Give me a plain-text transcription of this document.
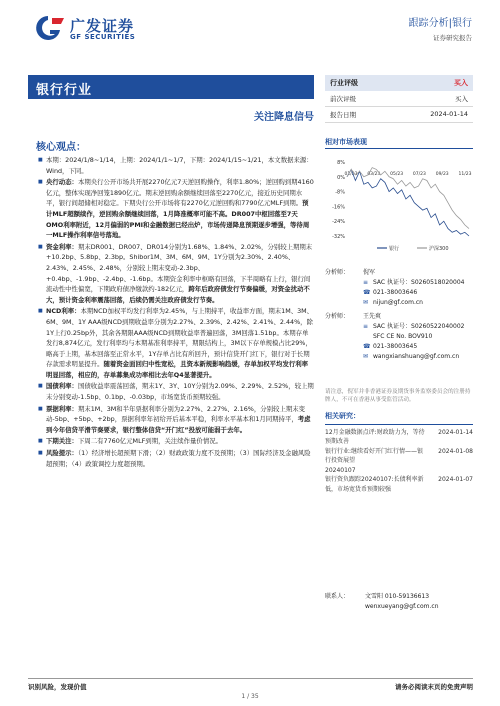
广发证券
GF SECURITIES
跟踪分析|银行
证券研究报告
银行行业
关注降息信号
核心观点：
■ 本期：2024/1/8~1/14，上期：2024/1/1~1/7，下期：2024/1/15~1/21，本文数据来源：Wind，下同。
■ 央行动态：本期央行公开市场共开展2270亿元7天逆回购操作，利率1.80%；逆回购到期4160亿元，整体实现净回笼1890亿元。期末逆回购余额继续回落至2270亿元，接近历史同期水平，银行间超储相对稳定。下期央行公开市场将有2270亿元逆回购和7790亿元MLF到期。预计MLF超额续作，逆回购余额继续回落，1月降准概率可能不高。DR007中枢回落至7天OMO利率附近，12月偏弱的PMI和金融数据已经出炉，市场传递降息预期逐步增强，等待周一MLF操作利率信号落地。
■ 资金利率：期末DR001、DR007、DR014分别为1.68%、1.84%、2.02%，分别较上期期末+10.2bp、5.8bp、2.3bp。Shibor1M、3M、6M、9M、1Y分别为2.30%、2.40%、2.43%、2.45%、2.48%，分别较上期末变动-2.3bp、+0.4bp、-1.9bp、-2.4bp、-1.6bp。本期资金利率中枢略有回落，下半周略有上行，银行间流动性中性偏宽，下期政府债净缴款约-182亿元，跨年后政府债发行节奏偏缓，对资金扰动不大，预计资金利率震荡回落，后续仍需关注政府债发行节奏。
■ NCD利率：本期NCD加权平均发行利率为2.45%，与上期持平，收益率方面，期末1M、3M、6M、9M、1Y AAA级NCD到期收益率分别为2.27%、2.39%、2.42%、2.41%、2.44%，除1Y上行0.25bp外，其余各期限AAA级NCD到期收益率普遍回落，3M回落1.51bp。本期存单发行8,874亿元，发行利率均与本期基准利率持平，期限结构上，3M以下存单规模占比29%，略高于上期，基本回落至正常水平，1Y存单占比有所回升，预计信贷开门红下，银行对于长期存款需求明显提升。随着资金面回归中性宽松，且资本新规影响趋缓，存单加权平均发行利率明显回落，相应的，存单募集成功率相比去年Q4显著提升。
■ 国债利率：国债收益率震荡回落，期末1Y、3Y、10Y分别为2.09%、2.29%、2.52%，较上期末分别变动-1.5bp、0.1bp、-0.03bp，市场宽货币预期较强。
■ 票据利率：期末1M、3M和半年票据利率分别为2.27%、2.27%、2.16%，分别较上期末变动-5bp、+5bp、+2bp，票据利率年初给开后基本平稳，利率水平基本和1月同期持平，考虑到今年信贷平滑节奏要求，银行整体信贷“开门红”投放可能弱于去年。
■ 下期关注：下周二有7760亿元MLF到期，关注续作量价情况。
■ 风险提示：（1）经济增长超预期下滑；（2）财政政策力度不及预期；（3）国际经济及金融风险超预期；（4）政策调控力度超预期。
行业评级	买入
前次评级	买入
报告日期	2024-01-14
相对市场表现
8%
0%
-8%
-16%
-24%
-32%
01/23 03/23 05/23 07/23 09/23 11/23
银行	沪深300
分析师：	倪军
≡ SAC 执证号：S0260518020004
☎ 021-38003646
✉ nijun@gf.com.cn
分析师：	王先爽
≡ SAC 执证号：S0260522040002
SFC CE No. BOV910
☎ 021-38003645
✉ wangxianshuang@gf.com.cn
请注意，倪军并非香港证券及期货事务监察委员会的注册持牌人，不可在香港从事受监管活动。
相关研究：
12月金融数据点评:财政助力为，等待预期改善
2024-01-14
银行行业:继续看好开门红行情——银行投资展望
2024-01-08
20240107
银行资负跟踪20240107:长债利率新低，市场宽货币预期较强
2024-01-07
联系人：	文雪阳 010-59136613
wenxueyang@gf.com.cn
识别风险，发现价值	请务必阅读末页的免责声明
1 / 35
